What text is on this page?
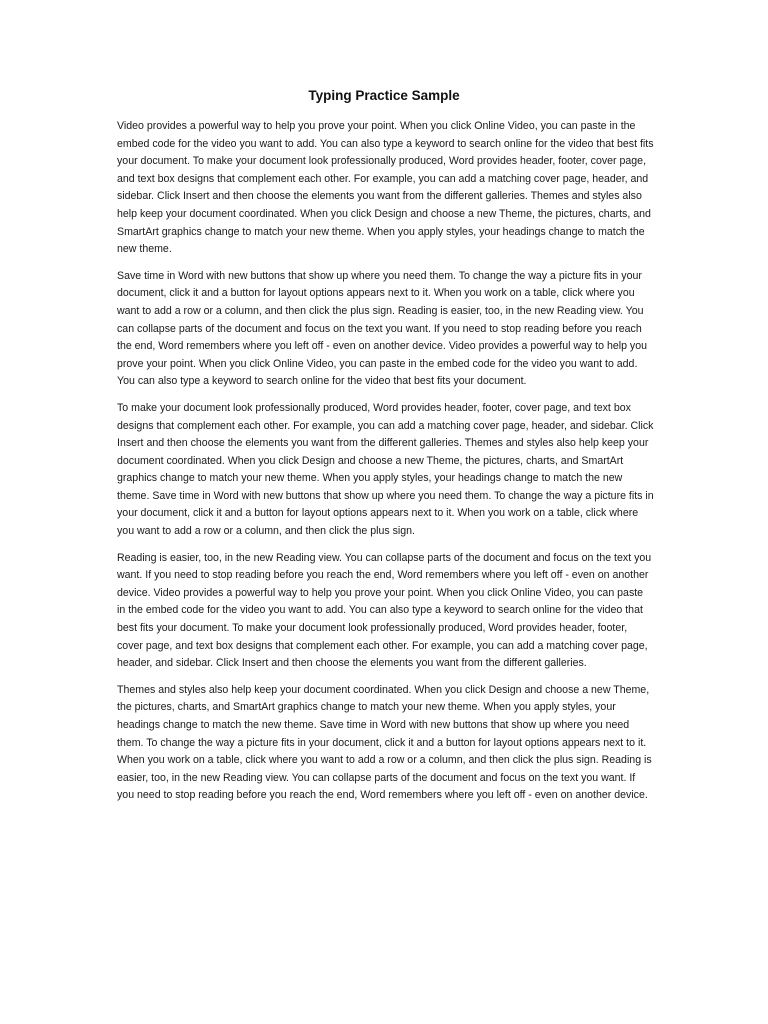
Typing Practice Sample

Video provides a powerful way to help you prove your point. When you click Online Video, you can paste in the embed code for the video you want to add. You can also type a keyword to search online for the video that best fits your document. To make your document look professionally produced, Word provides header, footer, cover page, and text box designs that complement each other. For example, you can add a matching cover page, header, and sidebar. Click Insert and then choose the elements you want from the different galleries. Themes and styles also help keep your document coordinated. When you click Design and choose a new Theme, the pictures, charts, and SmartArt graphics change to match your new theme. When you apply styles, your headings change to match the new theme.

Save time in Word with new buttons that show up where you need them. To change the way a picture fits in your document, click it and a button for layout options appears next to it. When you work on a table, click where you want to add a row or a column, and then click the plus sign. Reading is easier, too, in the new Reading view. You can collapse parts of the document and focus on the text you want. If you need to stop reading before you reach the end, Word remembers where you left off - even on another device. Video provides a powerful way to help you prove your point. When you click Online Video, you can paste in the embed code for the video you want to add. You can also type a keyword to search online for the video that best fits your document.

To make your document look professionally produced, Word provides header, footer, cover page, and text box designs that complement each other. For example, you can add a matching cover page, header, and sidebar. Click Insert and then choose the elements you want from the different galleries. Themes and styles also help keep your document coordinated. When you click Design and choose a new Theme, the pictures, charts, and SmartArt graphics change to match your new theme. When you apply styles, your headings change to match the new theme. Save time in Word with new buttons that show up where you need them. To change the way a picture fits in your document, click it and a button for layout options appears next to it. When you work on a table, click where you want to add a row or a column, and then click the plus sign.

Reading is easier, too, in the new Reading view. You can collapse parts of the document and focus on the text you want. If you need to stop reading before you reach the end, Word remembers where you left off - even on another device. Video provides a powerful way to help you prove your point. When you click Online Video, you can paste in the embed code for the video you want to add. You can also type a keyword to search online for the video that best fits your document. To make your document look professionally produced, Word provides header, footer, cover page, and text box designs that complement each other. For example, you can add a matching cover page, header, and sidebar. Click Insert and then choose the elements you want from the different galleries.

Themes and styles also help keep your document coordinated. When you click Design and choose a new Theme, the pictures, charts, and SmartArt graphics change to match your new theme. When you apply styles, your headings change to match the new theme. Save time in Word with new buttons that show up where you need them. To change the way a picture fits in your document, click it and a button for layout options appears next to it. When you work on a table, click where you want to add a row or a column, and then click the plus sign. Reading is easier, too, in the new Reading view. You can collapse parts of the document and focus on the text you want. If you need to stop reading before you reach the end, Word remembers where you left off - even on another device.
